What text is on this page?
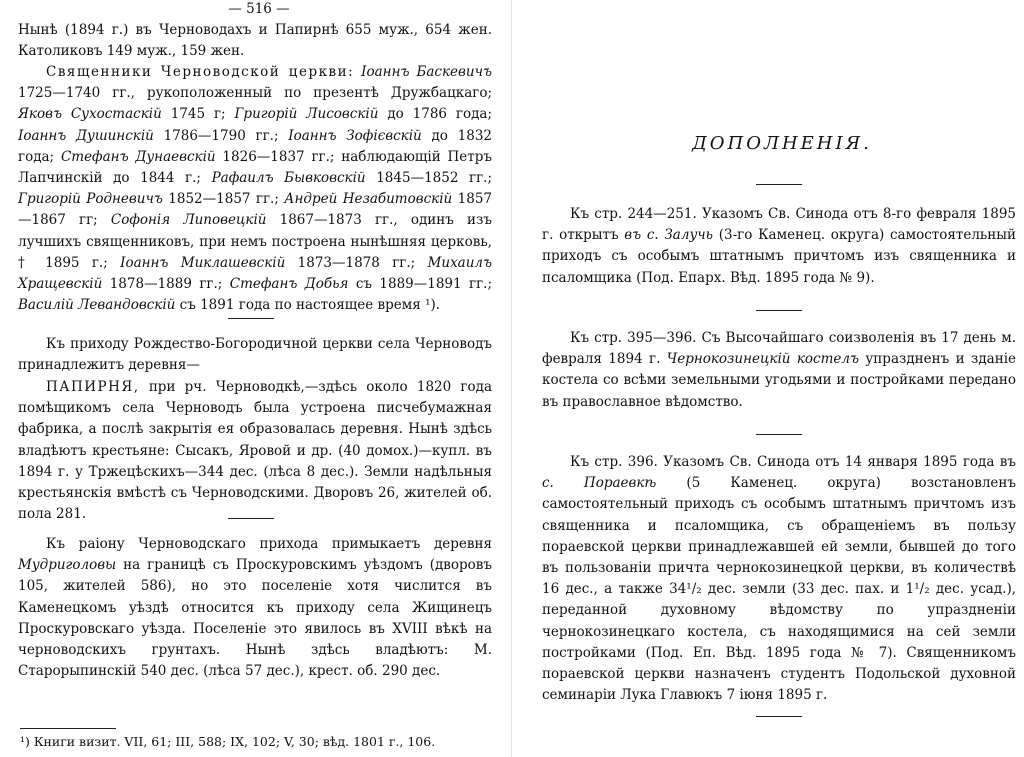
— 516 —

Нынѣ (1894 г.) въ Черноводахъ и Папирнѣ 655 муж., 654 жен. Католиковъ 149 муж., 159 жен.

Священники Черноводской церкви: Іоаннъ Баскевичъ 1725—1740 гг., рукоположенный по презентѣ Дружбацкаго; Яковъ Сухостаскій 1745 г; Григорій Лисовскій до 1786 года; Іоаннъ Душинскій 1786—1790 гг.; Іоаннъ Зофієвскій до 1832 года; Стефанъ Дунаевскій 1826—1837 гг.; наблюдающій Петръ Лапчинскій до 1844 г.; Рафаилъ Бывковскій 1845—1852 гг.; Григорій Родневичъ 1852—1857 гг.; Андрей Незабитовскій 1857—1867 гг; Софонія Липовецкій 1867—1873 гг., одинъ изъ лучшихъ священниковъ, при немъ построена нынѣшняя церковь, † 1895 г.; Іоаннъ Миклашевскій 1873—1878 гг.; Михаилъ Хращевскій 1878—1889 гг.; Стефанъ Добья съ 1889—1891 гг.; Василій Левандовскій съ 1891 года по настоящее время ¹).

Къ приходу Рождество-Богородичной церкви села Черноводъ принадлежитъ деревня—

ПАПИРНЯ, при рч. Черноводкѣ,—здѣсь около 1820 года помѣщикомъ села Черноводъ была устроена писчебумажная фабрика, а послѣ закрытія ея образовалась деревня. Нынѣ здѣсь владѣютъ крестьяне: Сысакъ, Яровой и др. (40 домох.)—купл. въ 1894 г. у Тржецѣскихъ—344 дес. (лѣса 8 дес.). Земли надѣльныя крестьянскія вмѣстѣ съ Черноводскими. Дворовъ 26, жителей об. пола 281.

Къ раіону Черноводскаго прихода примыкаетъ деревня Мудриголовы на границѣ съ Проскуровскимъ уѣздомъ (дворовъ 105, жителей 586), но это поселеніе хотя числится въ Каменецкомъ уѣздѣ относится къ приходу села Жищинецъ Проскуровскаго уѣзда. Поселеніе это явилось въ XVIII вѣкѣ на черноводскихъ грунтахъ. Нынѣ здѣсь владѣютъ: М. Старорыпинскій 540 дес. (лѣса 57 дес.), крест. об. 290 дес.

¹) Книги визит. VII, 61; III, 588; IX, 102; V, 30; вѣд. 1801 г., 106.

ДОПОЛНЕНІЯ.

Къ стр. 244—251. Указомъ Св. Синода отъ 8-го февраля 1895 г. открытъ въ с. Залучь (3-го Каменец. округа) самостоятельный приходъ съ особымъ штатнымъ причтомъ изъ священника и псаломщика (Под. Епарх. Вѣд. 1895 года № 9).

Къ стр. 395—396. Съ Высочайшаго соизволенія въ 17 день м. февраля 1894 г. Чернокозинецкій костелъ упраздненъ и зданіе костела со всѣми земельными угодьями и постройками передано въ православное вѣдомство.

Къ стр. 396. Указомъ Св. Синода отъ 14 января 1895 года въ с. Пораевкѣ (5 Каменец. округа) возстановленъ самостоятельный приходъ съ особымъ штатнымъ причтомъ изъ священника и псаломщика, съ обращеніемъ въ пользу пораевской церкви принадлежавшей ей земли, бывшей до того въ пользованіи причта чернокозинецкой церкви, въ количествѣ 16 дес., а также 34¹/₂ дес. земли (33 дес. пах. и 1¹/₂ дес. усад.), переданной духовному вѣдомству по упраздненіи чернокозинецкаго костела, съ находящимися на сей земли постройками (Под. Еп. Вѣд. 1895 года № 7). Священникомъ пораевской церкви назначенъ студентъ Подольской духовной семинаріи Лука Главюкъ 7 іюня 1895 г.
